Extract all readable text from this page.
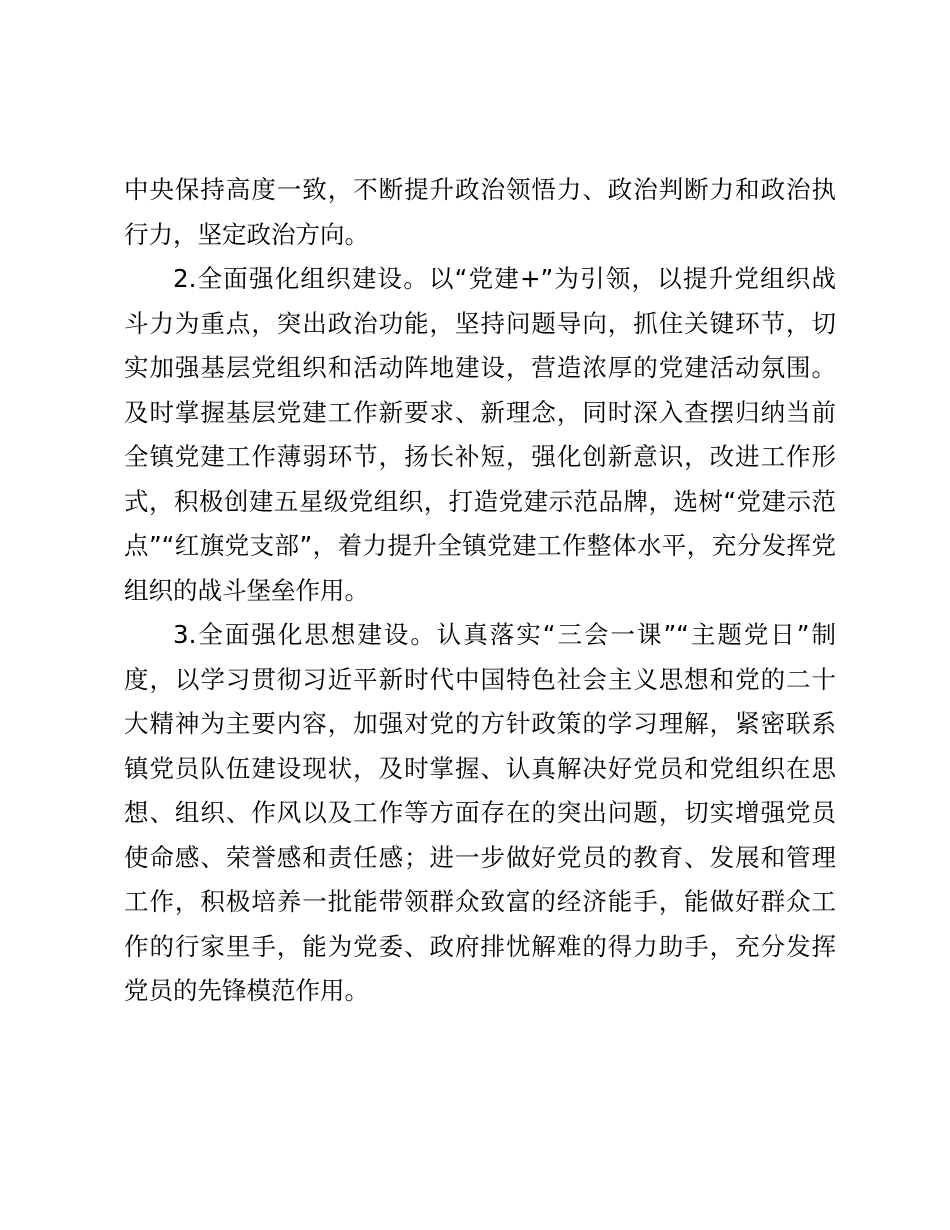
中央保持高度一致，不断提升政治领悟力、政治判断力和政治执
行力，坚定政治方向。
2.全面强化组织建设。以“党建+”为引领，以提升党组织战
斗力为重点，突出政治功能，坚持问题导向，抓住关键环节，切
实加强基层党组织和活动阵地建设，营造浓厚的党建活动氛围。
及时掌握基层党建工作新要求、新理念，同时深入查摆归纳当前
全镇党建工作薄弱环节，扬长补短，强化创新意识，改进工作形
式，积极创建五星级党组织，打造党建示范品牌，选树“党建示范
点”“红旗党支部”，着力提升全镇党建工作整体水平，充分发挥党
组织的战斗堡垒作用。
3.全面强化思想建设。认真落实“三会一课”“主题党日”制
度，以学习贯彻习近平新时代中国特色社会主义思想和党的二十
大精神为主要内容，加强对党的方针政策的学习理解，紧密联系
镇党员队伍建设现状，及时掌握、认真解决好党员和党组织在思
想、组织、作风以及工作等方面存在的突出问题，切实增强党员
使命感、荣誉感和责任感；进一步做好党员的教育、发展和管理
工作，积极培养一批能带领群众致富的经济能手，能做好群众工
作的行家里手，能为党委、政府排忧解难的得力助手，充分发挥
党员的先锋模范作用。
